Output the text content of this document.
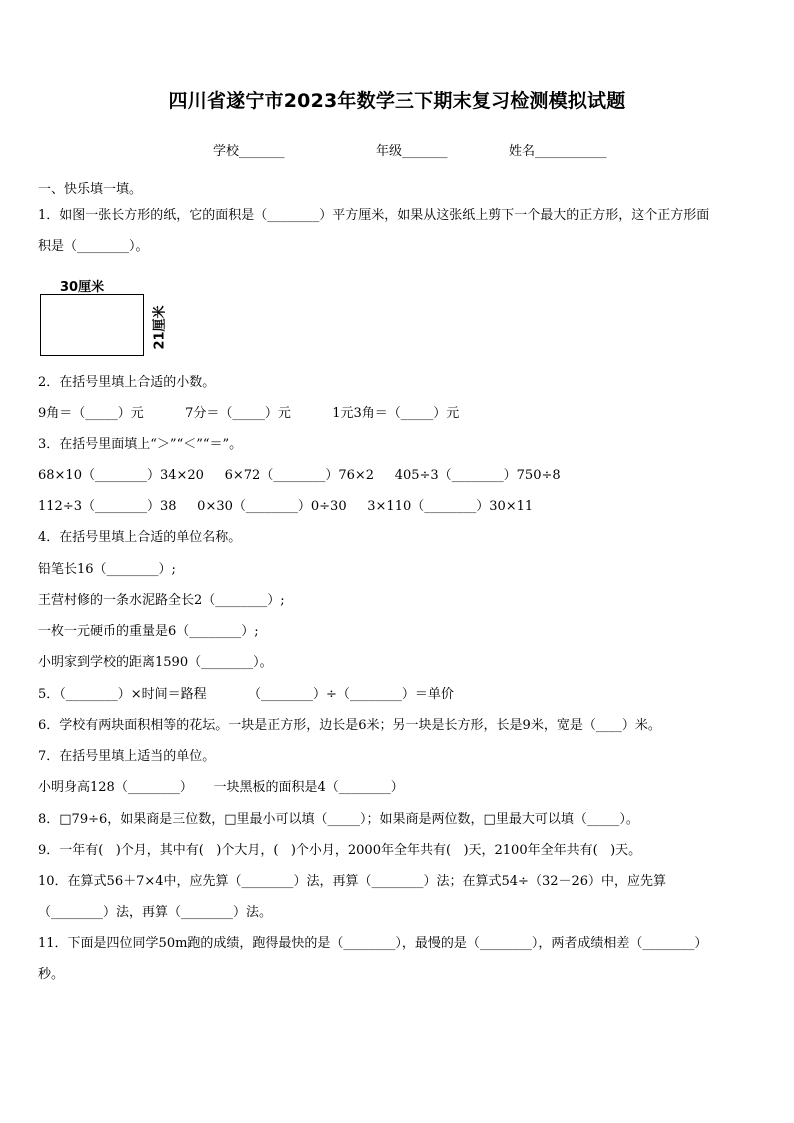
四川省遂宁市2023年数学三下期末复习检测模拟试题
学校_______	年级_______	姓名___________
一、快乐填一填。
1．如图一张长方形的纸，它的面积是（________）平方厘米，如果从这张纸上剪下一个最大的正方形，这个正方形面
积是（________）。
30厘米
21厘米
2．在括号里填上合适的小数。
9角＝（_____）元          7分＝（_____）元          1元3角＝（_____）元
3．在括号里面填上“＞”“＜”“＝”。
68×10（________）34×20     6×72（________）76×2     405÷3（________）750÷8
112÷3（________）38     0×30（________）0÷30     3×110（________）30×11
4．在括号里填上合适的单位名称。
铅笔长16（________）;
王营村修的一条水泥路全长2（________）;
一枚一元硬币的重量是6（________）;
小明家到学校的距离1590（________）。
5．（________）×时间＝路程          （________）÷（________）＝单价
6．学校有两块面积相等的花坛。一块是正方形，边长是6米；另一块是长方形，长是9米，宽是（____）米。
7．在括号里填上适当的单位。
小明身高128（________）     一块黑板的面积是4（________）
8．□79÷6，如果商是三位数，□里最小可以填（_____）；如果商是两位数，□里最大可以填（_____）。
9．一年有(   )个月，其中有(   )个大月，(   )个小月，2000年全年共有(   )天，2100年全年共有(   )天。
10．在算式56＋7×4中，应先算（________）法，再算（________）法；在算式54÷（32－26）中，应先算
（________）法，再算（________）法。
11．下面是四位同学50m跑的成绩，跑得最快的是（________），最慢的是（________），两者成绩相差（________）
秒。
